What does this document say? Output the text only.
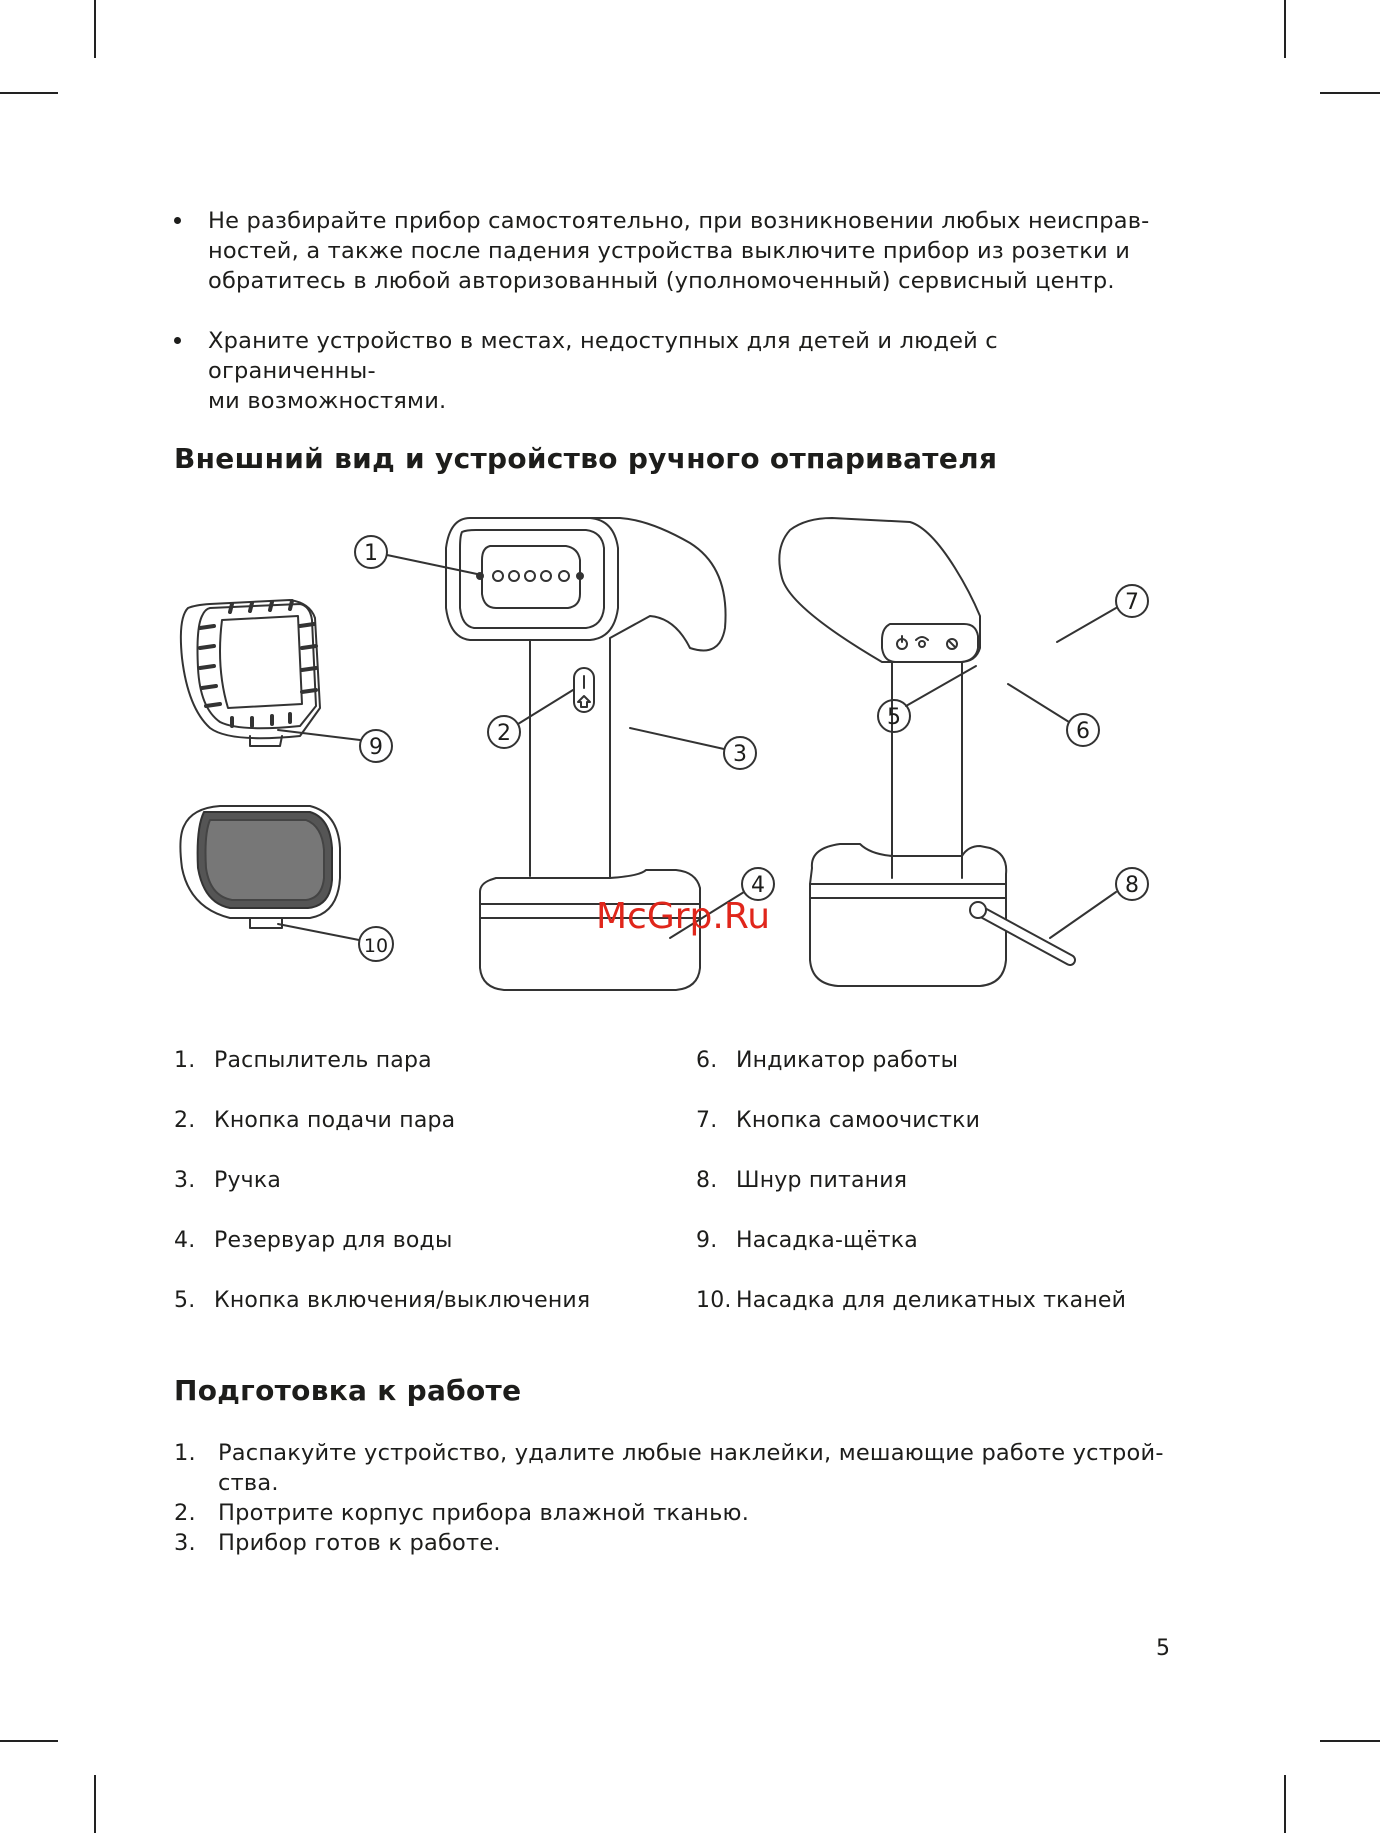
Не разбирайте прибор самостоятельно, при возникновении любых неисправ-
ностей, а также после падения устройства выключите прибор из розетки и
обратитесь в любой авторизованный (уполномоченный) сервисный центр.
Храните устройство в местах, недоступных для детей и людей с ограниченны-
ми возможностями.
Внешний вид и устройство ручного отпаривателя
1
2
3
4
5
6
7
8
9
10
McGrp.Ru
1. Распылитель пара
2. Кнопка подачи пара
3. Ручка
4. Резервуар для воды
5. Кнопка включения/выключения
6. Индикатор работы
7. Кнопка самоочистки
8. Шнур питания
9. Насадка-щётка
10. Насадка для деликатных тканей
Подготовка к работе
1. Распакуйте устройство, удалите любые наклейки, мешающие работе устрой-
ства.
2. Протрите корпус прибора влажной тканью.
3. Прибор готов к работе.
5
